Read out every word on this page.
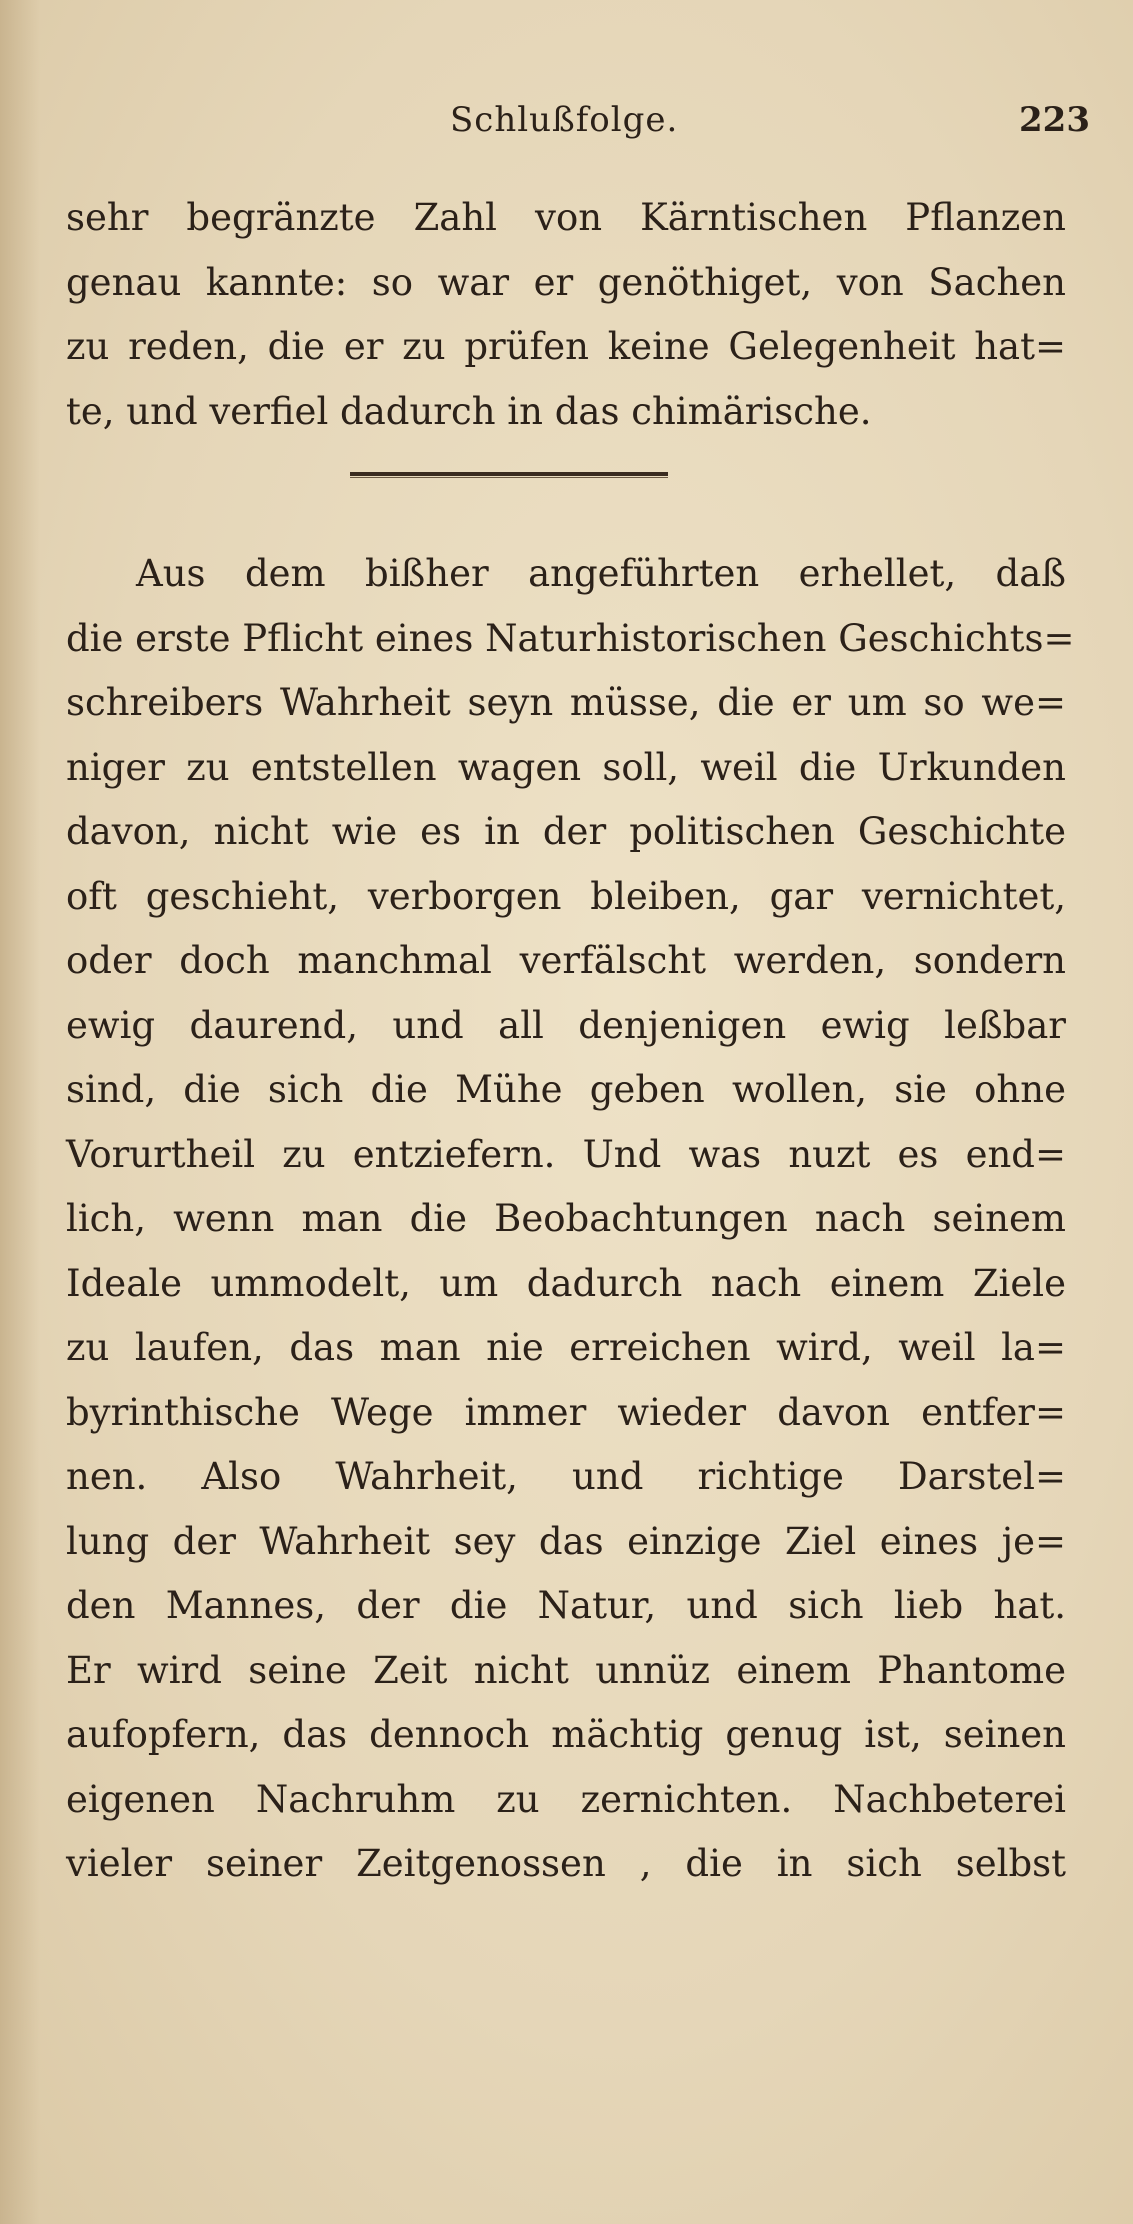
Schlußfolge.	223
sehr begränzte Zahl von Kärntischen Pflanzen
genau kannte: so war er genöthiget, von Sachen
zu reden, die er zu prüfen keine Gelegenheit hat=
te, und verfiel dadurch in das chimärische.
Aus dem bißher angeführten erhellet, daß
die erste Pflicht eines Naturhistorischen Geschichts=
schreibers Wahrheit seyn müsse, die er um so we=
niger zu entstellen wagen soll, weil die Urkunden
davon, nicht wie es in der politischen Geschichte
oft geschieht, verborgen bleiben, gar vernichtet,
oder doch manchmal verfälscht werden, sondern
ewig daurend, und all denjenigen ewig leßbar
sind, die sich die Mühe geben wollen, sie ohne
Vorurtheil zu entziefern. Und was nuzt es end=
lich, wenn man die Beobachtungen nach seinem
Ideale ummodelt, um dadurch nach einem Ziele
zu laufen, das man nie erreichen wird, weil la=
byrinthische Wege immer wieder davon entfer=
nen. Also Wahrheit, und richtige Darstel=
lung der Wahrheit sey das einzige Ziel eines je=
den Mannes, der die Natur, und sich lieb hat.
Er wird seine Zeit nicht unnüz einem Phantome
aufopfern, das dennoch mächtig genug ist, seinen
eigenen Nachruhm zu zernichten. Nachbeterei
vieler seiner Zeitgenossen , die in sich selbst
